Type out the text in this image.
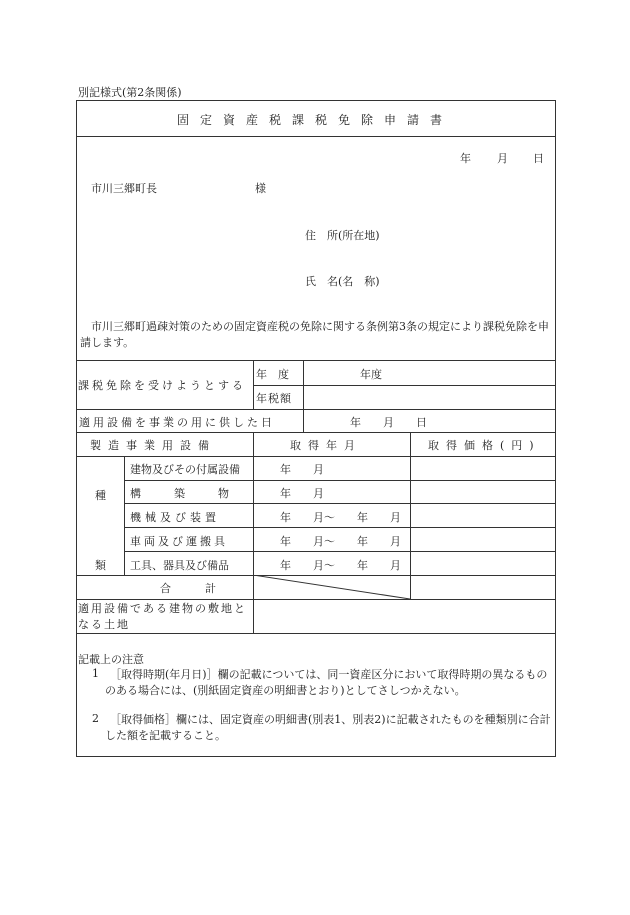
別記様式(第2条関係)
固定資産税課税免除申請書
年 月 日
市川三郷町長	様
住　所(所在地)
氏　名(名　称)
市川三郷町過疎対策のための固定資産税の免除に関する条例第3条の規定により課税免除を申請します。
課税免除を受けようとする
年　度	年度
年税額
適用設備を事業の用に供した日	年　　月　　日
製造事業用設備	取得年月	取得価格(円)
種
類
建物及びその付属設備	年　　月
構　　　築　　　物	年　　月
機械及び装置	年　　月〜　　年　　月
車両及び運搬具	年　　月〜　　年　　月
工具、器具及び備品	年　　月〜　　年　　月
合　　計
適用設備である建物の敷地となる土地
記載上の注意
1	［取得時期(年月日)］欄の記載については、同一資産区分において取得時期の異なるもののある場合には、(別紙固定資産の明細書とおり)としてさしつかえない。
2	［取得価格］欄には、固定資産の明細書(別表1、別表2)に記載されたものを種類別に合計した額を記載すること。
